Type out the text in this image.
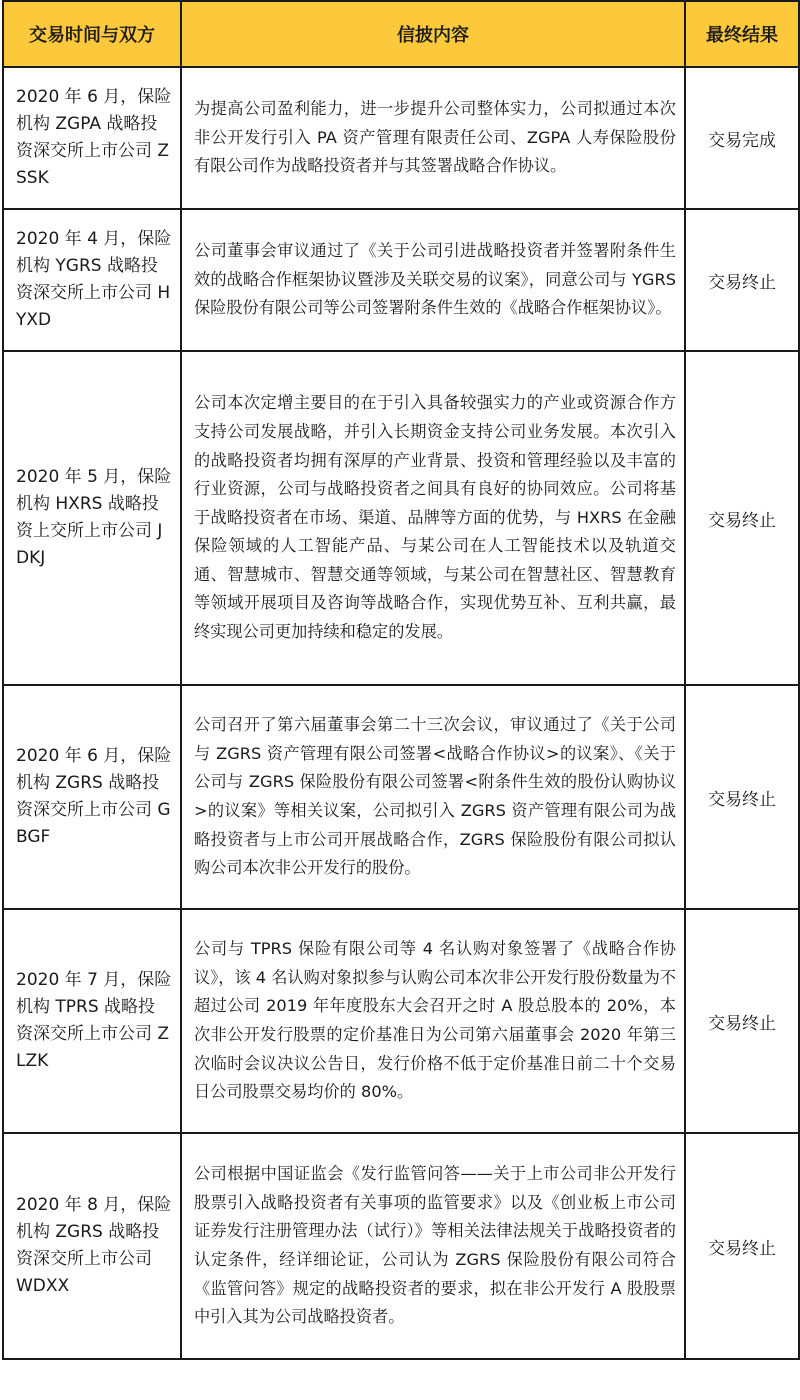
交易时间与双方	信披内容	最终结果
2020 年 6 月，保险机构 ZGPA 战略投资深交所上市公司 ZSSK	为提高公司盈利能力，进一步提升公司整体实力，公司拟通过本次非公开发行引入 PA 资产管理有限责任公司、ZGPA 人寿保险股份有限公司作为战略投资者并与其签署战略合作协议。	交易完成
2020 年 4 月，保险机构 YGRS 战略投资深交所上市公司 HYXD	公司董事会审议通过了《关于公司引进战略投资者并签署附条件生效的战略合作框架协议暨涉及关联交易的议案》，同意公司与 YGRS 保险股份有限公司等公司签署附条件生效的《战略合作框架协议》。	交易终止
2020 年 5 月，保险机构 HXRS 战略投资上交所上市公司 JDKJ	公司本次定增主要目的在于引入具备较强实力的产业或资源合作方支持公司发展战略，并引入长期资金支持公司业务发展。本次引入的战略投资者均拥有深厚的产业背景、投资和管理经验以及丰富的行业资源，公司与战略投资者之间具有良好的协同效应。公司将基于战略投资者在市场、渠道、品牌等方面的优势，与 HXRS 在金融保险领域的人工智能产品、与某公司在人工智能技术以及轨道交通、智慧城市、智慧交通等领域，与某公司在智慧社区、智慧教育等领域开展项目及咨询等战略合作，实现优势互补、互利共赢，最终实现公司更加持续和稳定的发展。	交易终止
2020 年 6 月，保险机构 ZGRS 战略投资深交所上市公司 GBGF	公司召开了第六届董事会第二十三次会议，审议通过了《关于公司与 ZGRS 资产管理有限公司签署<战略合作协议>的议案》、《关于公司与 ZGRS 保险股份有限公司签署<附条件生效的股份认购协议>的议案》等相关议案，公司拟引入 ZGRS 资产管理有限公司为战略投资者与上市公司开展战略合作，ZGRS 保险股份有限公司拟认购公司本次非公开发行的股份。	交易终止
2020 年 7 月，保险机构 TPRS 战略投资深交所上市公司 ZLZK	公司与 TPRS 保险有限公司等 4 名认购对象签署了《战略合作协议》，该 4 名认购对象拟参与认购公司本次非公开发行股份数量为不超过公司 2019 年年度股东大会召开之时 A 股总股本的 20%，本次非公开发行股票的定价基准日为公司第六届董事会 2020 年第三次临时会议决议公告日，发行价格不低于定价基准日前二十个交易日公司股票交易均价的 80%。	交易终止
2020 年 8 月，保险机构 ZGRS 战略投资深交所上市公司 WDXX	公司根据中国证监会《发行监管问答——关于上市公司非公开发行股票引入战略投资者有关事项的监管要求》以及《创业板上市公司证券发行注册管理办法（试行）》等相关法律法规关于战略投资者的认定条件，经详细论证，公司认为 ZGRS 保险股份有限公司符合《监管问答》规定的战略投资者的要求，拟在非公开发行 A 股股票中引入其为公司战略投资者。	交易终止
